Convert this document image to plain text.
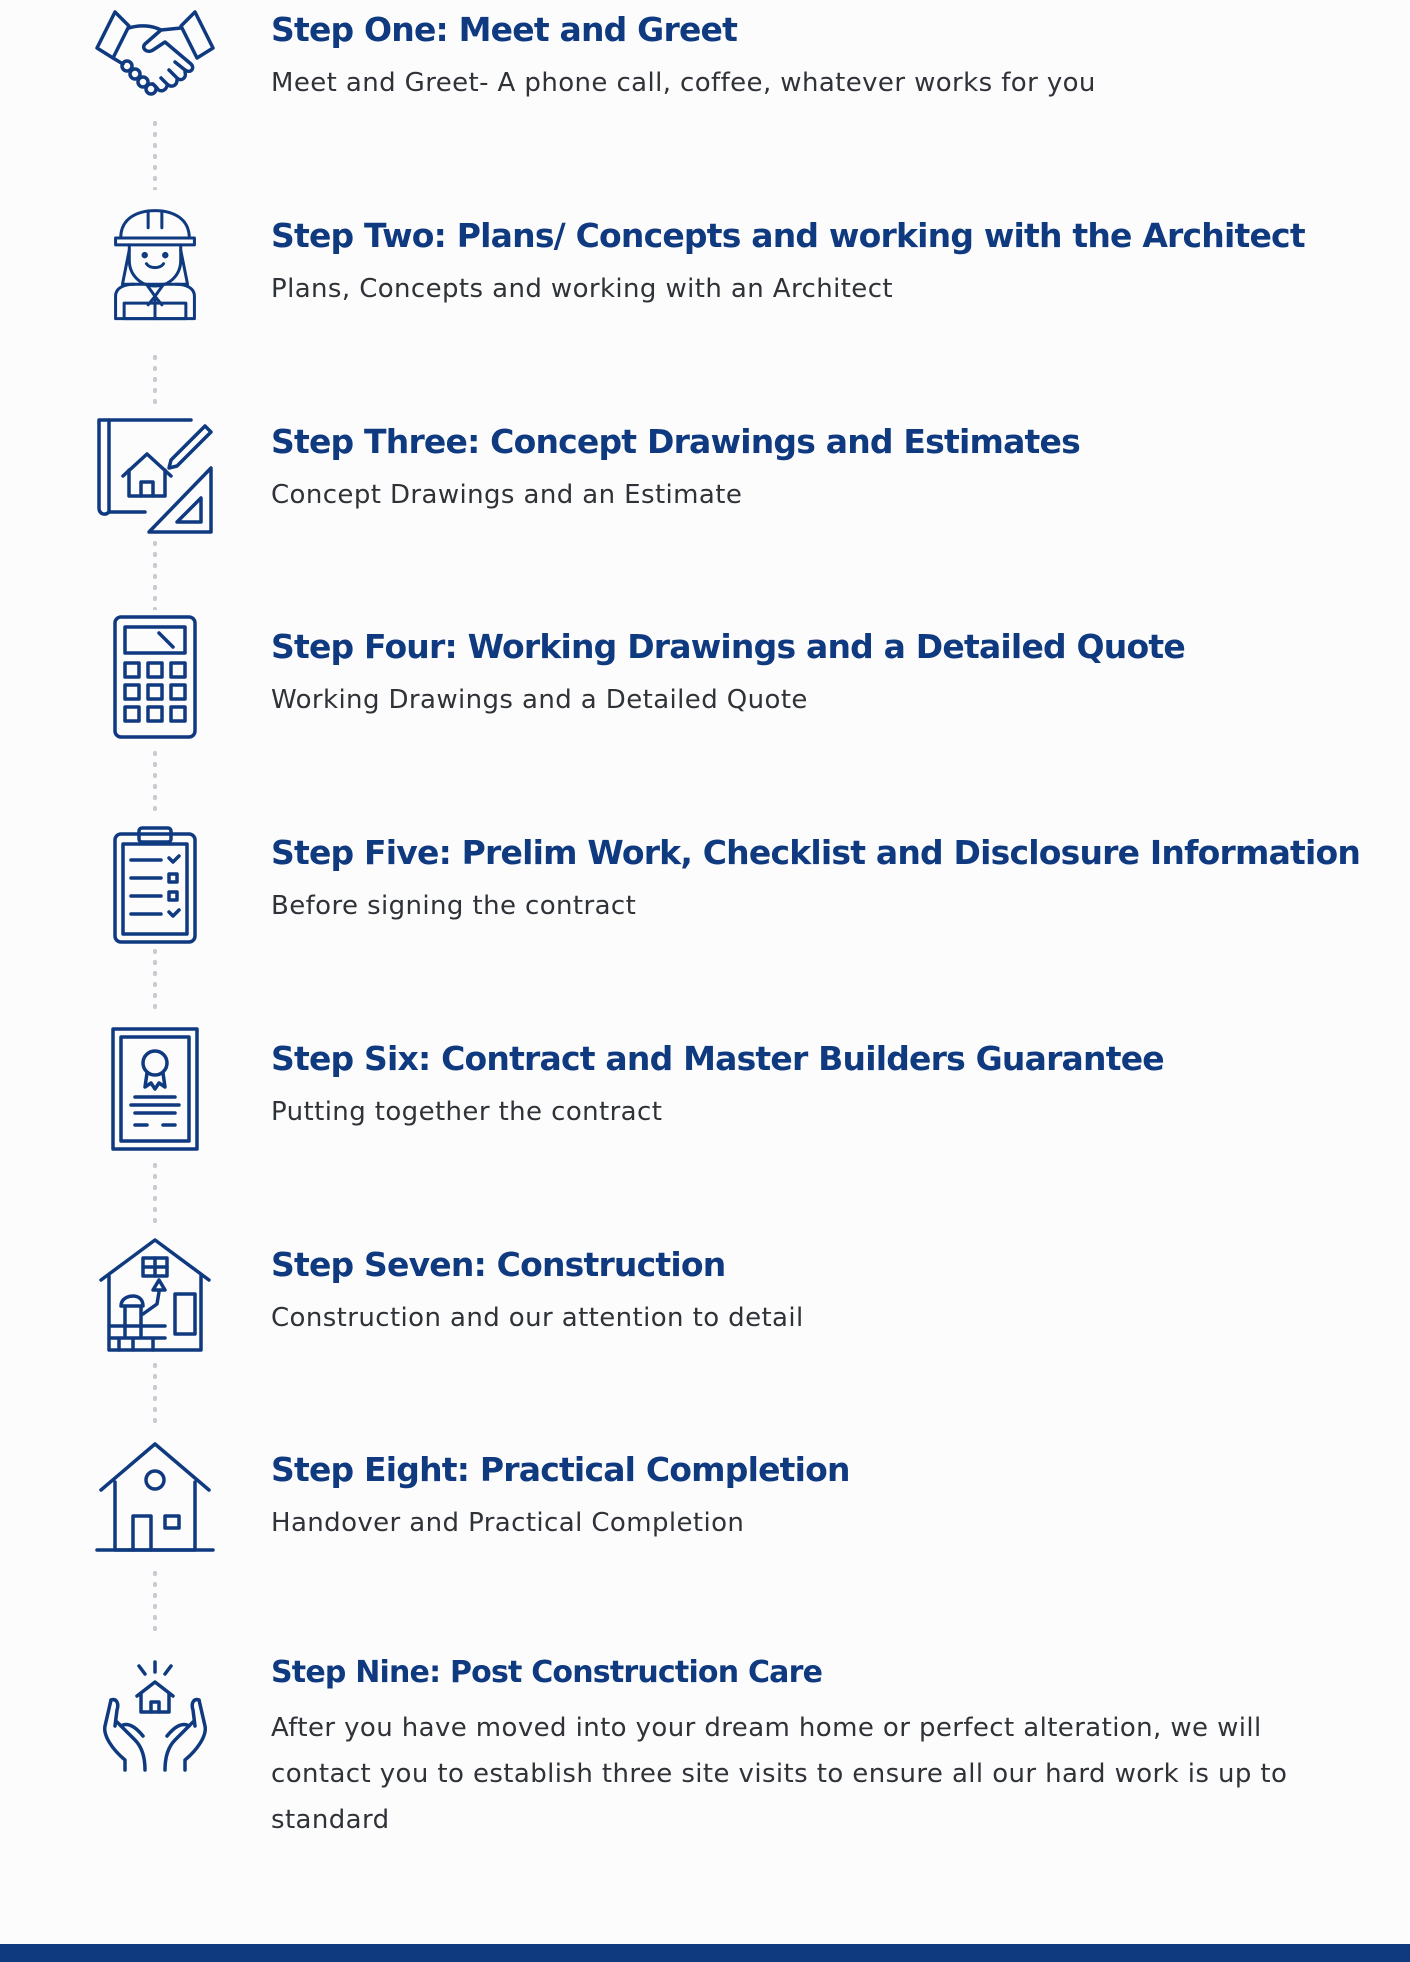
Step One: Meet and Greet

Meet and Greet- A phone call, coffee, whatever works for you

Step Two: Plans/ Concepts and working with the Architect

Plans, Concepts and working with an Architect

Step Three: Concept Drawings and Estimates

Concept Drawings and an Estimate

Step Four: Working Drawings and a Detailed Quote

Working Drawings and a Detailed Quote

Step Five: Prelim Work, Checklist and Disclosure Information

Before signing the contract

Step Six: Contract and Master Builders Guarantee

Putting together the contract

Step Seven: Construction

Construction and our attention to detail

Step Eight: Practical Completion

Handover and Practical Completion

Step Nine: Post Construction Care

After you have moved into your dream home or perfect alteration, we will contact you to establish three site visits to ensure all our hard work is up to standard
